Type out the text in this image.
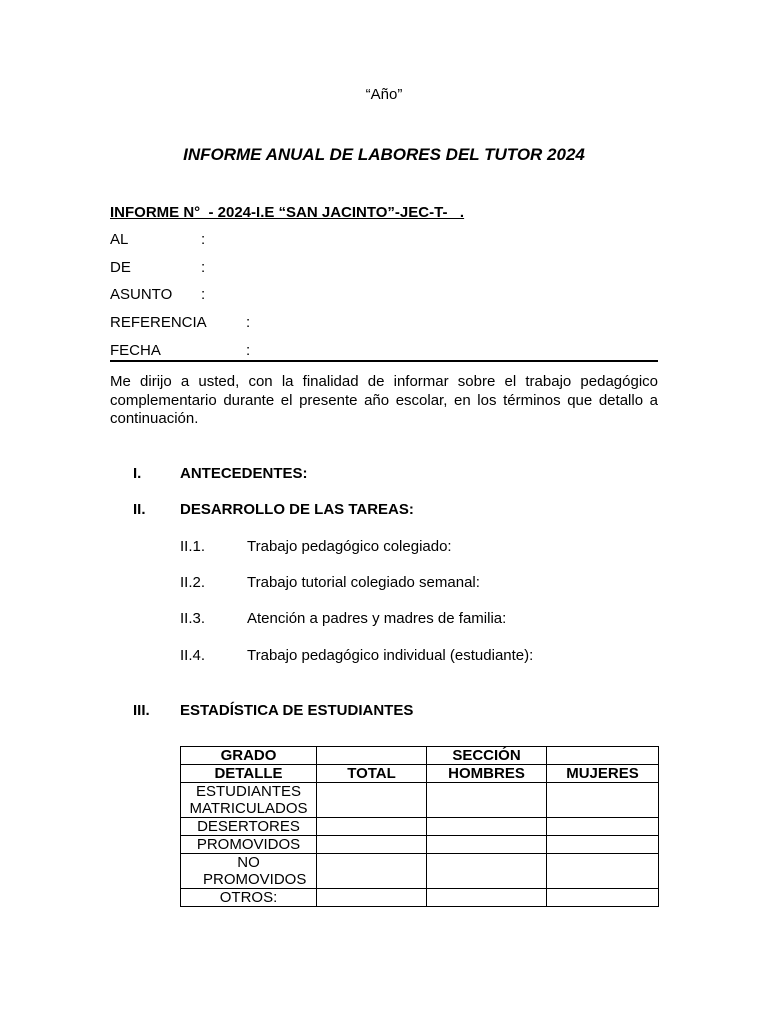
“Año”
INFORME ANUAL DE LABORES DEL TUTOR 2024
INFORME N°  - 2024-I.E “SAN JACINTO”-JEC-T-   .
AL	:
DE	:
ASUNTO :
REFERENCIA	:
FECHA	:
Me dirijo a usted, con la finalidad de informar sobre el trabajo pedagógico complementario durante el presente año escolar, en los términos que detallo a continuación.
I.	ANTECEDENTES:
II. DESARROLLO DE LAS TAREAS:
II.1.	Trabajo pedagógico colegiado:
II.2.	Trabajo tutorial colegiado semanal:
II.3.	Atención a padres y madres de familia:
II.4.	Trabajo pedagógico individual (estudiante):
III. ESTADÍSTICA DE ESTUDIANTES
GRADO		SECCIÓN	
DETALLE	TOTAL	HOMBRES	MUJERES
ESTUDIANTES MATRICULADOS			
DESERTORES			
PROMOVIDOS			
NO PROMOVIDOS			
OTROS:			
